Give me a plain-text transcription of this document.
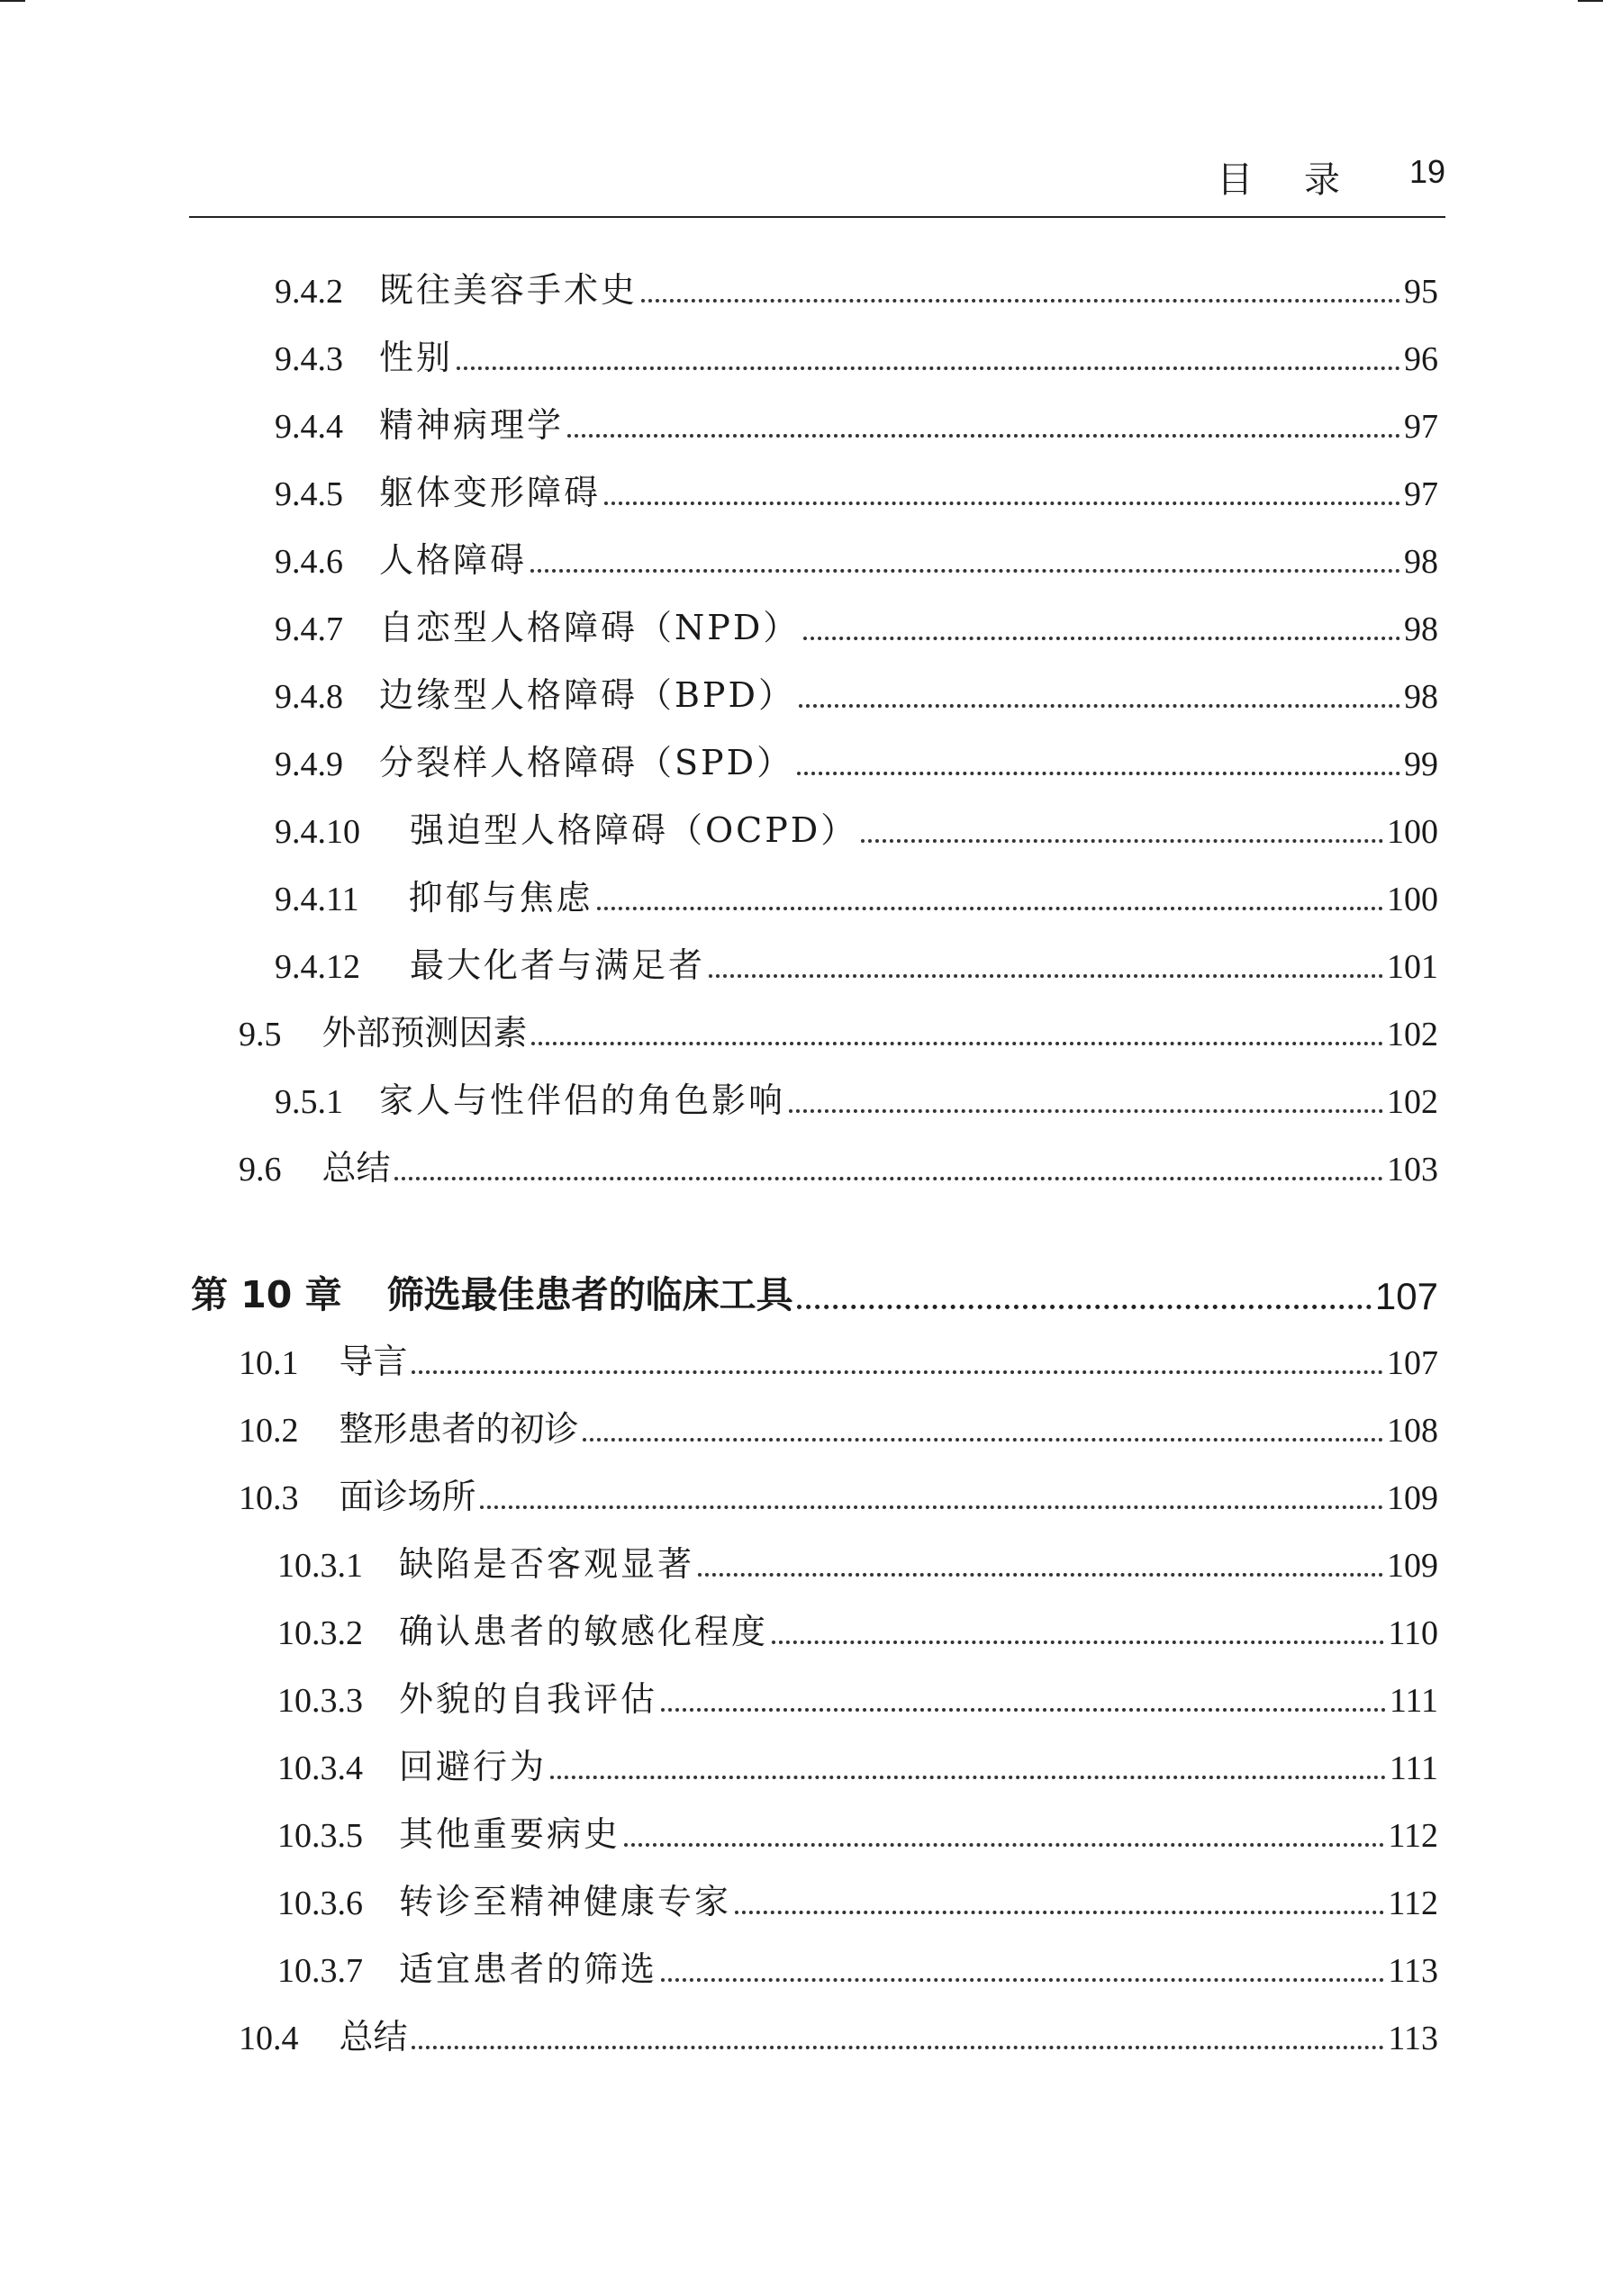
目 录 19
9.4.2 既往美容手术史	95
9.4.3 性别	96
9.4.4 精神病理学	97
9.4.5 躯体变形障碍	97
9.4.6 人格障碍	98
9.4.7 自恋型人格障碍（NPD）	98
9.4.8 边缘型人格障碍（BPD）	98
9.4.9 分裂样人格障碍（SPD）	99
9.4.10 强迫型人格障碍（OCPD）	100
9.4.11 抑郁与焦虑	100
9.4.12 最大化者与满足者	101
9.5 外部预测因素	102
9.5.1 家人与性伴侣的角色影响	102
9.6 总结	103
第 10 章 筛选最佳患者的临床工具	107
10.1 导言	107
10.2 整形患者的初诊	108
10.3 面诊场所	109
10.3.1 缺陷是否客观显著	109
10.3.2 确认患者的敏感化程度	110
10.3.3 外貌的自我评估	111
10.3.4 回避行为	111
10.3.5 其他重要病史	112
10.3.6 转诊至精神健康专家	112
10.3.7 适宜患者的筛选	113
10.4 总结	113
